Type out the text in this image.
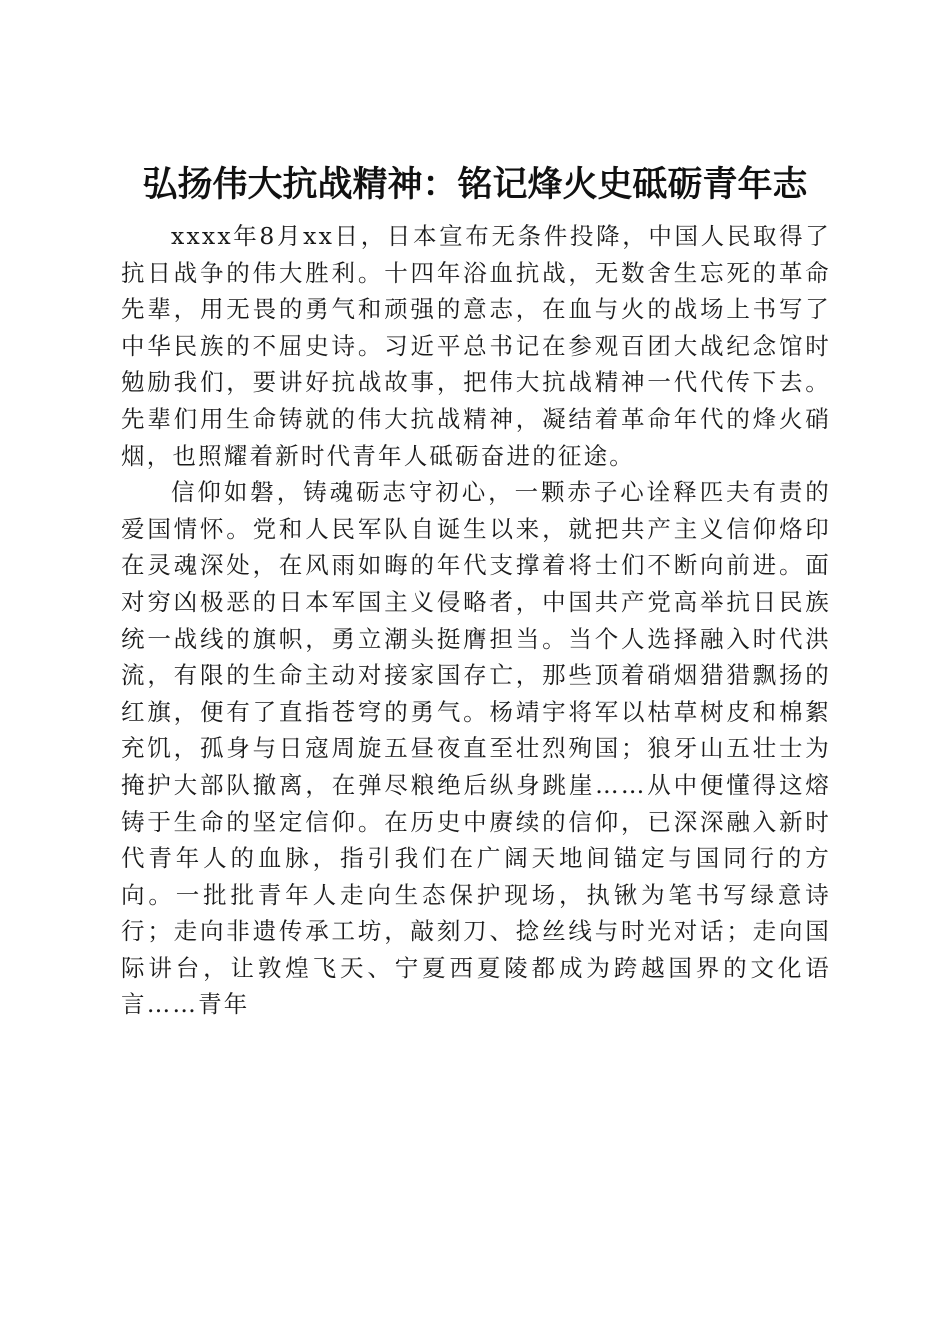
弘扬伟大抗战精神：铭记烽火史砥砺青年志

xxxx年8月xx日，日本宣布无条件投降，中国人民取得了抗日战争的伟大胜利。十四年浴血抗战，无数舍生忘死的革命先辈，用无畏的勇气和顽强的意志，在血与火的战场上书写了中华民族的不屈史诗。习近平总书记在参观百团大战纪念馆时勉励我们，要讲好抗战故事，把伟大抗战精神一代代传下去。先辈们用生命铸就的伟大抗战精神，凝结着革命年代的烽火硝烟，也照耀着新时代青年人砥砺奋进的征途。

信仰如磐，铸魂砺志守初心，一颗赤子心诠释匹夫有责的爱国情怀。党和人民军队自诞生以来，就把共产主义信仰烙印在灵魂深处，在风雨如晦的年代支撑着将士们不断向前进。面对穷凶极恶的日本军国主义侵略者，中国共产党高举抗日民族统一战线的旗帜，勇立潮头挺膺担当。当个人选择融入时代洪流，有限的生命主动对接家国存亡，那些顶着硝烟猎猎飘扬的红旗，便有了直指苍穹的勇气。杨靖宇将军以枯草树皮和棉絮充饥，孤身与日寇周旋五昼夜直至壮烈殉国；狼牙山五壮士为掩护大部队撤离，在弹尽粮绝后纵身跳崖……从中便懂得这熔铸于生命的坚定信仰。在历史中赓续的信仰，已深深融入新时代青年人的血脉，指引我们在广阔天地间锚定与国同行的方向。一批批青年人走向生态保护现场，执锹为笔书写绿意诗行；走向非遗传承工坊，敲刻刀、捻丝线与时光对话；走向国际讲台，让敦煌飞天、宁夏西夏陵都成为跨越国界的文化语言……青年
